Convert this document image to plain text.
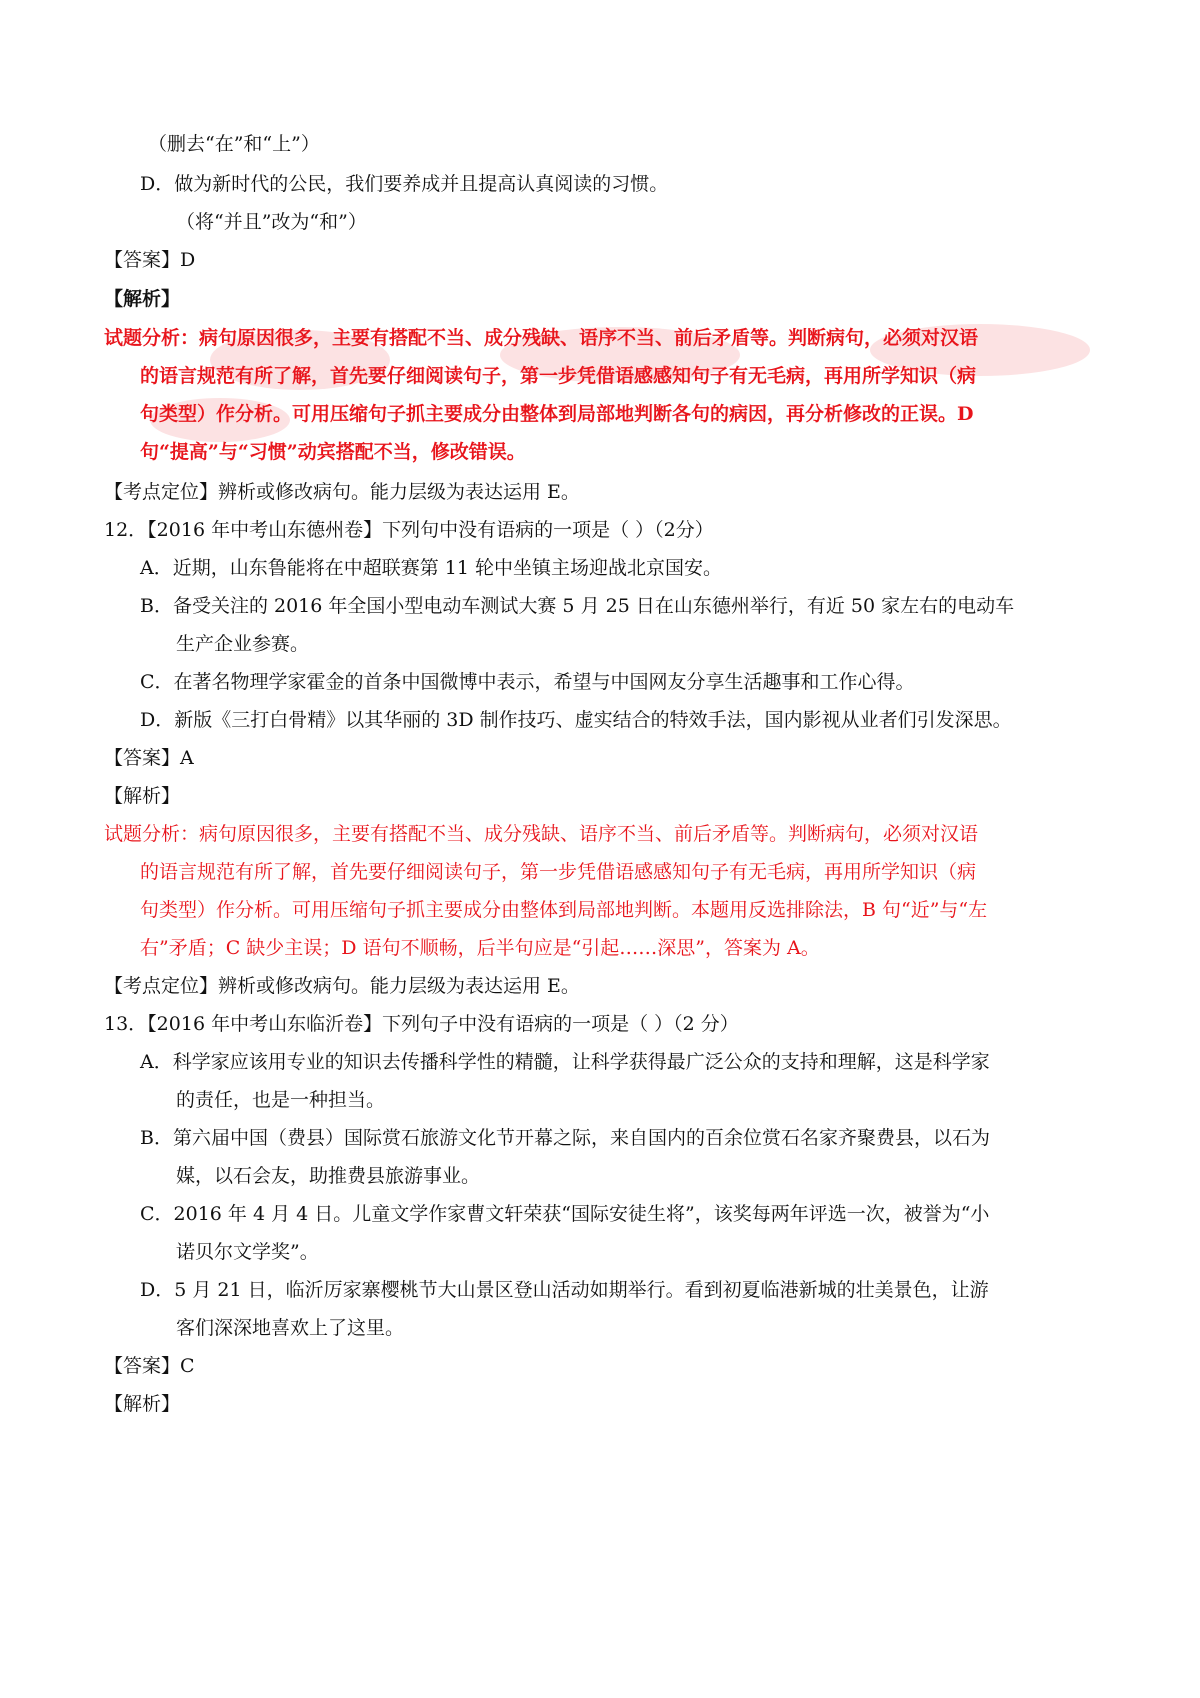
（删去“在”和“上”）
D．做为新时代的公民，我们要养成并且提高认真阅读的习惯。
（将“并且”改为“和”）
【答案】D
【解析】
试题分析：病句原因很多，主要有搭配不当、成分残缺、语序不当、前后矛盾等。判断病句，必须对汉语
的语言规范有所了解，首先要仔细阅读句子，第一步凭借语感感知句子有无毛病，再用所学知识（病
句类型）作分析。可用压缩句子抓主要成分由整体到局部地判断各句的病因，再分析修改的正误。D
句“提高”与“习惯”动宾搭配不当，修改错误。
【考点定位】辨析或修改病句。能力层级为表达运用 E。
12．【2016 年中考山东德州卷】下列句中没有语病的一项是（ ）（2分）
A．近期，山东鲁能将在中超联赛第 11 轮中坐镇主场迎战北京国安。
B．备受关注的 2016 年全国小型电动车测试大赛 5 月 25 日在山东德州举行，有近 50 家左右的电动车
生产企业参赛。
C．在著名物理学家霍金的首条中国微博中表示，希望与中国网友分享生活趣事和工作心得。
D．新版《三打白骨精》以其华丽的 3D 制作技巧、虚实结合的特效手法，国内影视从业者们引发深思。
【答案】A
【解析】
试题分析：病句原因很多，主要有搭配不当、成分残缺、语序不当、前后矛盾等。判断病句，必须对汉语
的语言规范有所了解，首先要仔细阅读句子，第一步凭借语感感知句子有无毛病，再用所学知识（病
句类型）作分析。可用压缩句子抓主要成分由整体到局部地判断。本题用反选排除法，B 句“近”与“左
右”矛盾；C 缺少主误；D 语句不顺畅，后半句应是“引起……深思”，答案为 A。
【考点定位】辨析或修改病句。能力层级为表达运用 E。
13．【2016 年中考山东临沂卷】下列句子中没有语病的一项是（ ）（2 分）
A．科学家应该用专业的知识去传播科学性的精髓，让科学获得最广泛公众的支持和理解，这是科学家
的责任，也是一种担当。
B．第六届中国（费县）国际赏石旅游文化节开幕之际，来自国内的百余位赏石名家齐聚费县，以石为
媒，以石会友，助推费县旅游事业。
C．2016 年 4 月 4 日。儿童文学作家曹文轩荣获“国际安徒生将”，该奖每两年评选一次，被誉为“小
诺贝尔文学奖”。
D．5 月 21 日，临沂厉家寨樱桃节大山景区登山活动如期举行。看到初夏临港新城的壮美景色，让游
客们深深地喜欢上了这里。
【答案】C
【解析】
